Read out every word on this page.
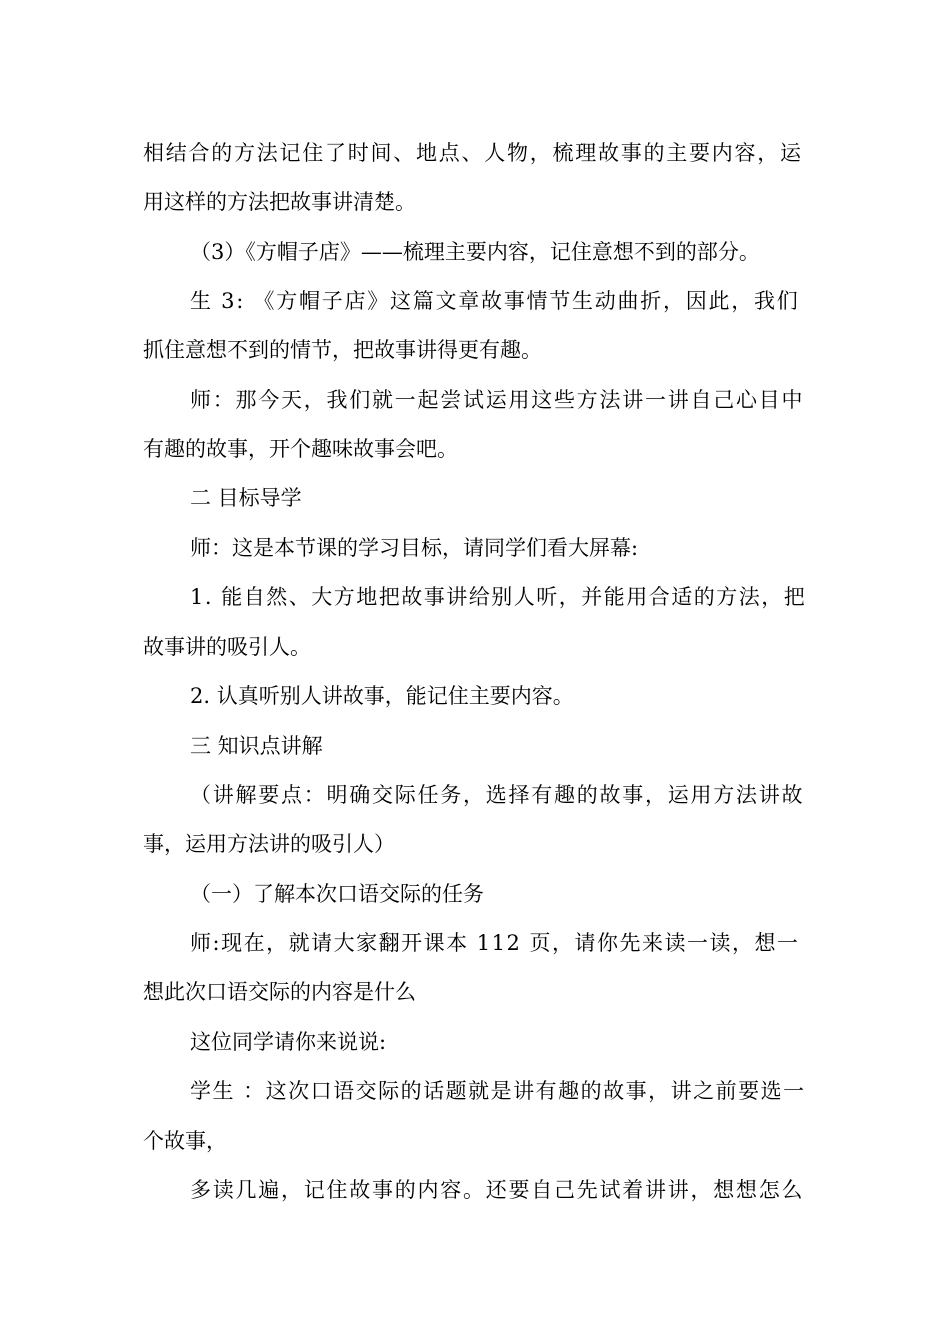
相结合的方法记住了时间、地点、人物，梳理故事的主要内容，运
用这样的方法把故事讲清楚。
（3）《方帽子店》——梳理主要内容，记住意想不到的部分。
生 3: 《方帽子店》这篇文章故事情节生动曲折，因此，我们
抓住意想不到的情节，把故事讲得更有趣。
师：那今天，我们就一起尝试运用这些方法讲一讲自己心目中
有趣的故事，开个趣味故事会吧。
二 目标导学
师：这是本节课的学习目标，请同学们看大屏幕:
1. 能自然、大方地把故事讲给别人听，并能用合适的方法，把
故事讲的吸引人。
2. 认真听别人讲故事，能记住主要内容。
三 知识点讲解
（讲解要点：明确交际任务，选择有趣的故事，运用方法讲故
事，运用方法讲的吸引人）
（一）了解本次口语交际的任务
师:现在，就请大家翻开课本 112 页，请你先来读一读，想一
想此次口语交际的内容是什么
这位同学请你来说说:
学生 ：这次口语交际的话题就是讲有趣的故事，讲之前要选一
个故事，
多读几遍，记住故事的内容。还要自己先试着讲讲，想想怎么
